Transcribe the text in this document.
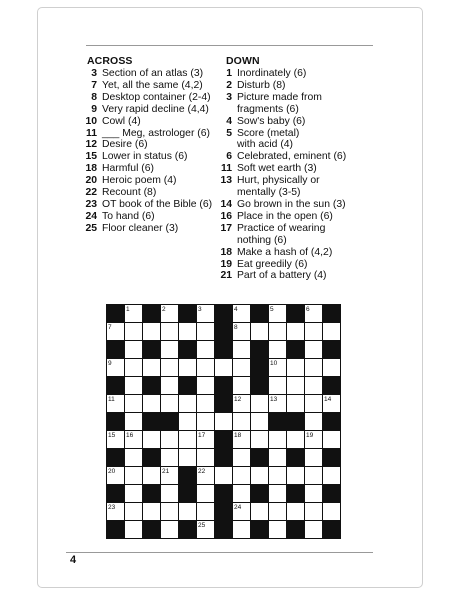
ACROSS
3 Section of an atlas (3)
7 Yet, all the same (4,2)
8 Desktop container (2-4)
9 Very rapid decline (4,4)
10 Cowl (4)
11 ___ Meg, astrologer (6)
12 Desire (6)
15 Lower in status (6)
18 Harmful (6)
20 Heroic poem (4)
22 Recount (8)
23 OT book of the Bible (6)
24 To hand (6)
25 Floor cleaner (3)
DOWN
1 Inordinately (6)
2 Disturb (8)
3 Picture made from
fragments (6)
4 Sow's baby (6)
5 Score (metal)
with acid (4)
6 Celebrated, eminent (6)
11 Soft wet earth (3)
13 Hurt, physically or
mentally (3-5)
14 Go brown in the sun (3)
16 Place in the open (6)
17 Practice of wearing
nothing (6)
18 Make a hash of (4,2)
19 Eat greedily (6)
21 Part of a battery (4)
1	2	3	4	5	6
7	8
9	10
11	12	13	14
15 16	17	18	19
20	21	22
23	24
25
4
